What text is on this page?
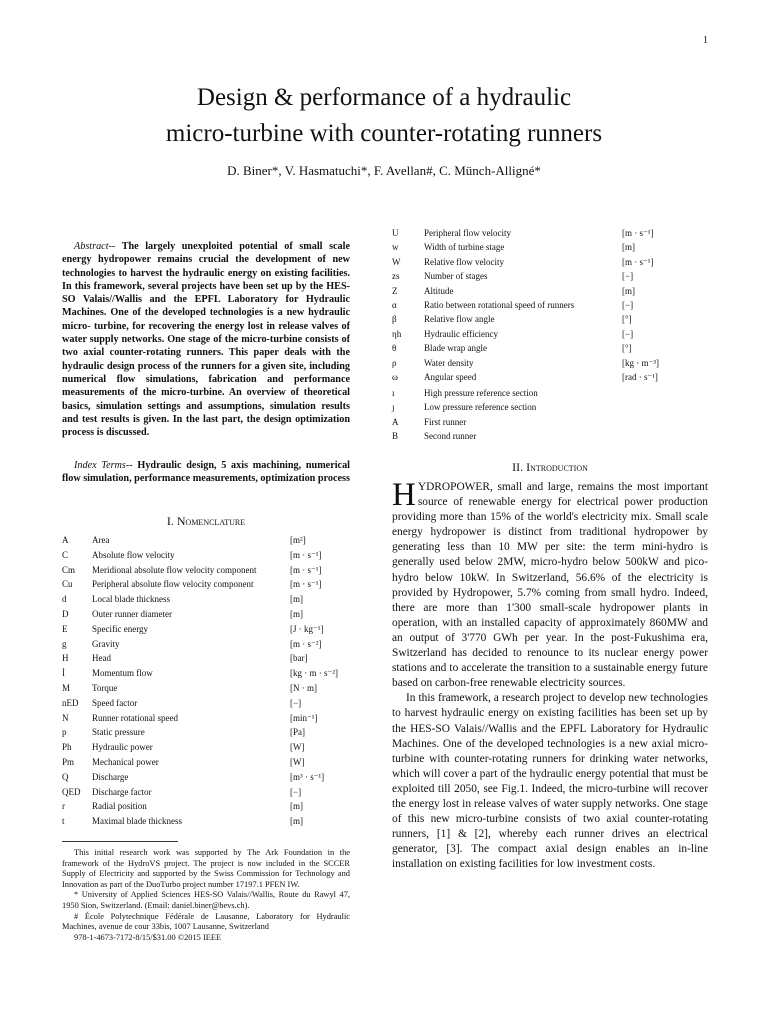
1
Design & performance of a hydraulic
micro-turbine with counter-rotating runners
D. Biner*, V. Hasmatuchi*, F. Avellan#, C. Münch-Alligné*
Abstract-- The largely unexploited potential of small scale energy hydropower remains crucial the development of new technologies to harvest the hydraulic energy on existing facilities. In this framework, several projects have been set up by the HES-SO Valais//Wallis and the EPFL Laboratory for Hydraulic Machines. One of the developed technologies is a new hydraulic micro- turbine, for recovering the energy lost in release valves of water supply networks. One stage of the micro-turbine consists of two axial counter-rotating runners. This paper deals with the hydraulic design process of the runners for a given site, including numerical flow simulations, fabrication and performance measurements of the micro-turbine. An overview of theoretical basics, simulation settings and assumptions, simulation results and test results is given. In the last part, the design optimization process is discussed.
Index Terms-- Hydraulic design, 5 axis machining, numerical flow simulation, performance measurements, optimization process
I. Nomenclature
A	Area	[m²]
C	Absolute flow velocity	[m · s⁻¹]
Cm Meridional absolute flow velocity component	[m · s⁻¹]
Cu Peripheral absolute flow velocity component	[m · s⁻¹]
d	Local blade thickness	[m]
D	Outer runner diameter	[m]
E	Specific energy	[J · kg⁻¹]
g	Gravity	[m · s⁻²]
H	Head	[bar]
İ	Momentum flow	[kg · m · s⁻²]
M Torque	[N · m]
nED Speed factor	[−]
N	Runner rotational speed	[min⁻¹]
p	Static pressure	[Pa]
Ph Hydraulic power	[W]
Pm Mechanical power	[W]
Q	Discharge	[m³ · s⁻¹]
QED Discharge factor	[−]
r	Radial position	[m]
t	Maximal blade thickness	[m]
U	Peripheral flow velocity	[m · s⁻¹]
w	Width of turbine stage	[m]
W	Relative flow velocity	[m · s⁻¹]
zs	Number of stages	[−]
Z	Altitude	[m]
α	Ratio between rotational speed of runners	[−]
β	Relative flow angle	[°]
ηh	Hydraulic efficiency	[−]
θ	Blade wrap angle	[°]
ρ	Water density	[kg · m⁻³]
ω	Angular speed	[rad · s⁻¹]
ı	High pressure reference section
ȷ	Low pressure reference section
A	First runner
B	Second runner

This initial research work was supported by The Ark Foundation in the framework of the HydroVS project. The project is now included in the SCCER Supply of Electricity and supported by the Swiss Commission for Technology and Innovation as part of the DuoTurbo project number 17197.1 PFEN IW.

* University of Applied Sciences HES-SO Valais//Wallis, Route du Rawyl 47, 1950 Sion, Switzerland. (Email: daniel.biner@hevs.ch).

# École Polytechnique Fédérale de Lausanne, Laboratory for Hydraulic Machines, avenue de cour 33bis, 1007 Lausanne, Switzerland

978-1-4673-7172-8/15/$31.00 ©2015 IEEE

II. Introduction

HYDROPOWER, small and large, remains the most important source of renewable energy for electrical power production providing more than 15% of the world's electricity mix. Small scale energy hydropower is distinct from traditional hydropower by generating less than 10 MW per site: the term mini-hydro is generally used below 2MW, micro-hydro below 500kW and pico-hydro below 10kW. In Switzerland, 56.6% of the electricity is provided by Hydropower, 5.7% coming from small hydro. Indeed, there are more than 1'300 small-scale hydropower plants in operation, with an installed capacity of approximately 860MW and an output of 3'770 GWh per year. In the post-Fukushima era, Switzerland has decided to renounce to its nuclear energy power stations and to accelerate the transition to a sustainable energy future based on carbon-free renewable electricity sources.

In this framework, a research project to develop new technologies to harvest hydraulic energy on existing facilities has been set up by the HES-SO Valais//Wallis and the EPFL Laboratory for Hydraulic Machines. One of the developed technologies is a new axial micro-turbine with counter-rotating runners for drinking water networks, which will cover a part of the hydraulic energy potential that must be exploited till 2050, see Fig.1. Indeed, the micro-turbine will recover the energy lost in release valves of water supply networks. One stage of this new micro-turbine consists of two axial counter-rotating runners, [1] & [2], whereby each runner drives an electrical generator, [3]. The compact axial design enables an in-line installation on existing facilities for low investment costs.
